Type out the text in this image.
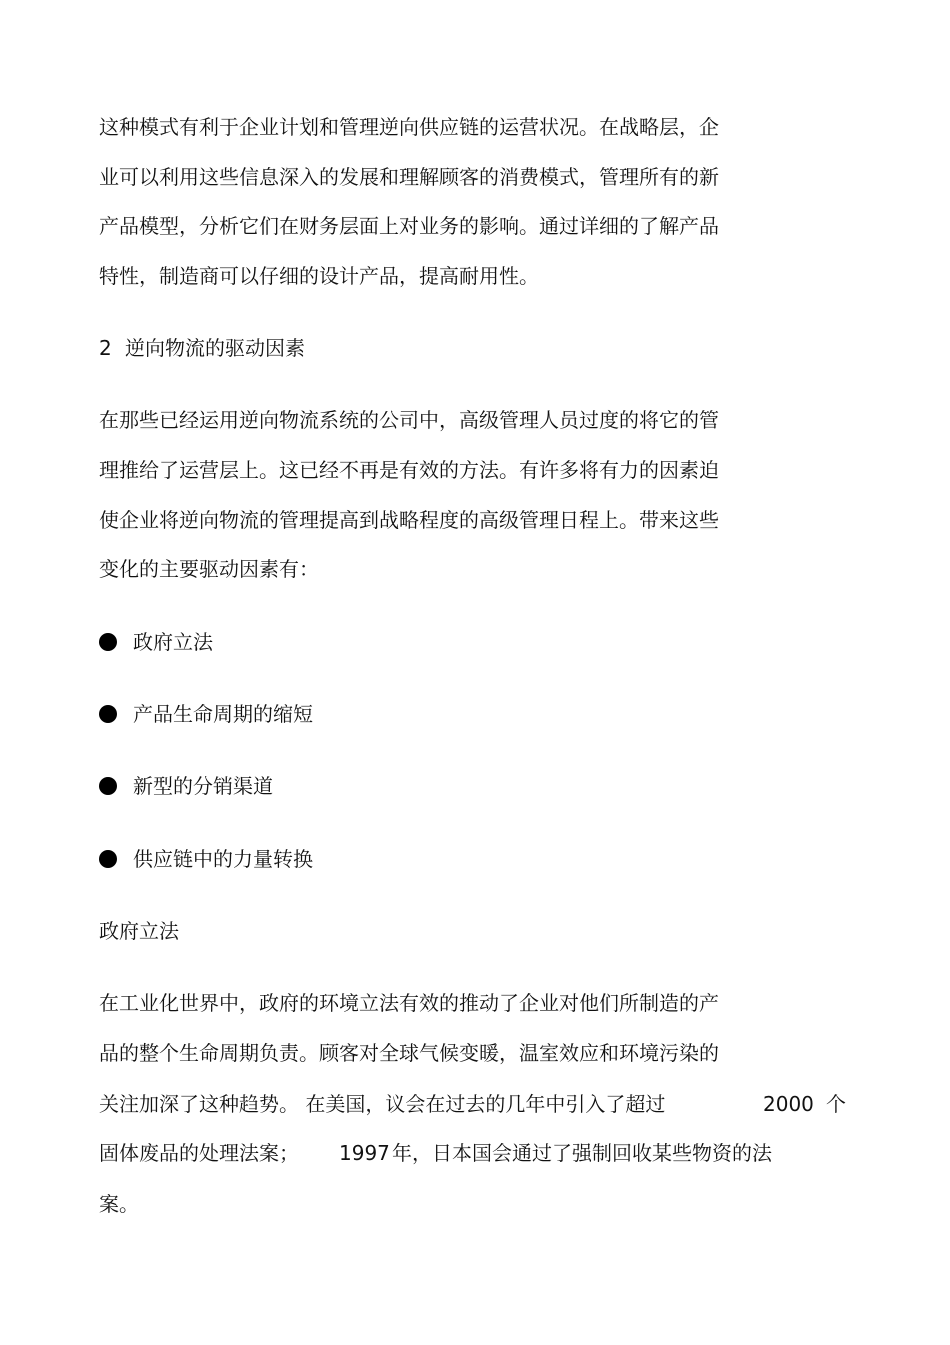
这种模式有利于企业计划和管理逆向供应链的运营状况。在战略层，企
业可以利用这些信息深入的发展和理解顾客的消费模式，管理所有的新
产品模型，分析它们在财务层面上对业务的影响。通过详细的了解产品
特性，制造商可以仔细的设计产品，提高耐用性。
2 逆向物流的驱动因素
在那些已经运用逆向物流系统的公司中，高级管理人员过度的将它的管
理推给了运营层上。这已经不再是有效的方法。有许多将有力的因素迫
使企业将逆向物流的管理提高到战略程度的高级管理日程上。带来这些
变化的主要驱动因素有：
政府立法
产品生命周期的缩短
新型的分销渠道
供应链中的力量转换
政府立法
在工业化世界中，政府的环境立法有效的推动了企业对他们所制造的产
品的整个生命周期负责。顾客对全球气候变暖，温室效应和环境污染的
关注加深了这种趋势。 在美国，议会在过去的几年中引入了超过	2000 个
固体废品的处理法案； 1997 年，日本国会通过了强制回收某些物资的法
案。
